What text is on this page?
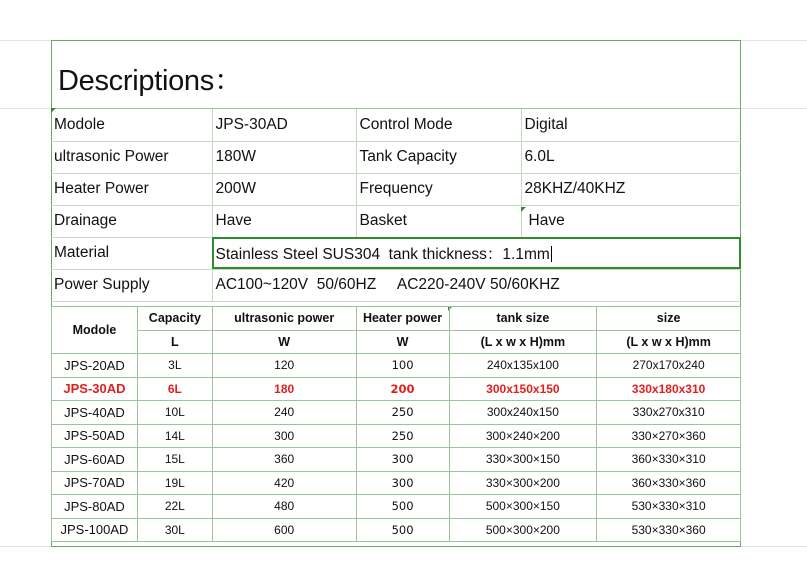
Descriptions：
Modole	JPS-30AD	Control Mode	Digital
ultrasonic Power	180W	Tank Capacity	6.0L
Heater Power	200W	Frequency	28KHZ/40KHZ
Drainage	Have	Basket	Have
Material	Stainless Steel SUS304  tank thickness：1.1mm		
Power Supply	AC100~120V  50/60HZ     AC220-240V 50/60KHZ		
Modole	Capacity	ultrasonic power	Heater power	tank size	size
	L	W	W	(L x w x H)mm	(L x w x H)mm
JPS-20AD	3L	120	100	240x135x100	270x170x240
JPS-30AD	6L	180	200	300x150x150	330x180x310
JPS-40AD	10L	240	250	300x240x150	330x270x310
JPS-50AD	14L	300	250	300×240×200	330×270×360
JPS-60AD	15L	360	300	330×300×150	360×330×310
JPS-70AD	19L	420	300	330×300×200	360×330×360
JPS-80AD	22L	480	500	500×300×150	530×330×310
JPS-100AD	30L	600	500	500×300×200	530×330×360
